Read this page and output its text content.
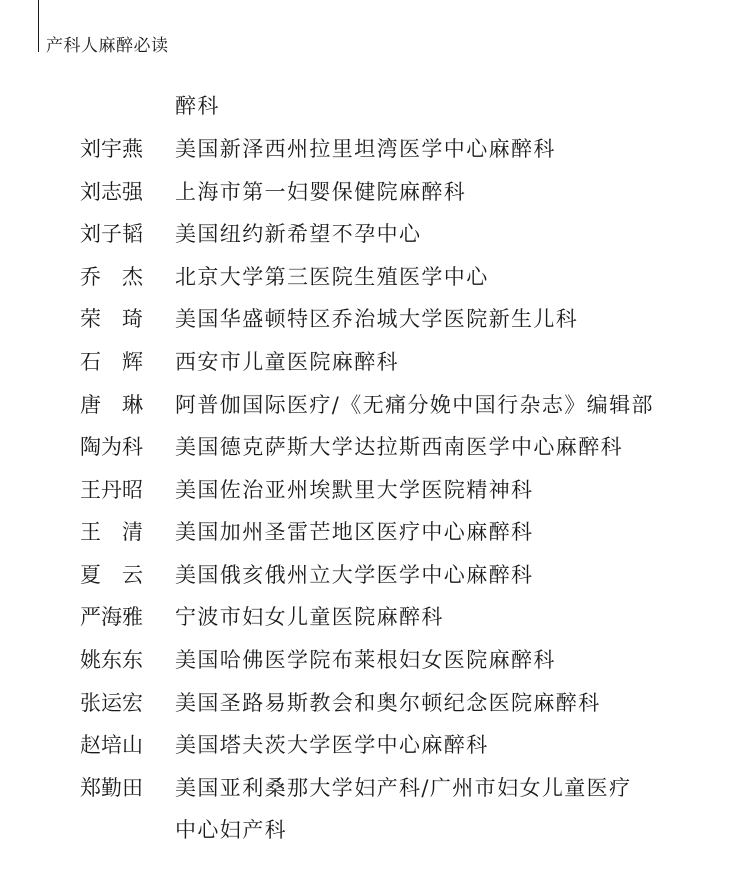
产科人麻醉必读
醉科
刘宇燕	美国新泽西州拉里坦湾医学中心麻醉科
刘志强	上海市第一妇婴保健院麻醉科
刘子韬	美国纽约新希望不孕中心
乔　杰	北京大学第三医院生殖医学中心
荣　琦	美国华盛顿特区乔治城大学医院新生儿科
石　辉	西安市儿童医院麻醉科
唐　琳	阿普伽国际医疗/《无痛分娩中国行杂志》编辑部
陶为科	美国德克萨斯大学达拉斯西南医学中心麻醉科
王丹昭	美国佐治亚州埃默里大学医院精神科
王　清	美国加州圣雷芒地区医疗中心麻醉科
夏　云	美国俄亥俄州立大学医学中心麻醉科
严海雅	宁波市妇女儿童医院麻醉科
姚东东	美国哈佛医学院布莱根妇女医院麻醉科
张运宏	美国圣路易斯教会和奥尔顿纪念医院麻醉科
赵培山	美国塔夫茨大学医学中心麻醉科
郑勤田	美国亚利桑那大学妇产科/广州市妇女儿童医疗
中心妇产科
